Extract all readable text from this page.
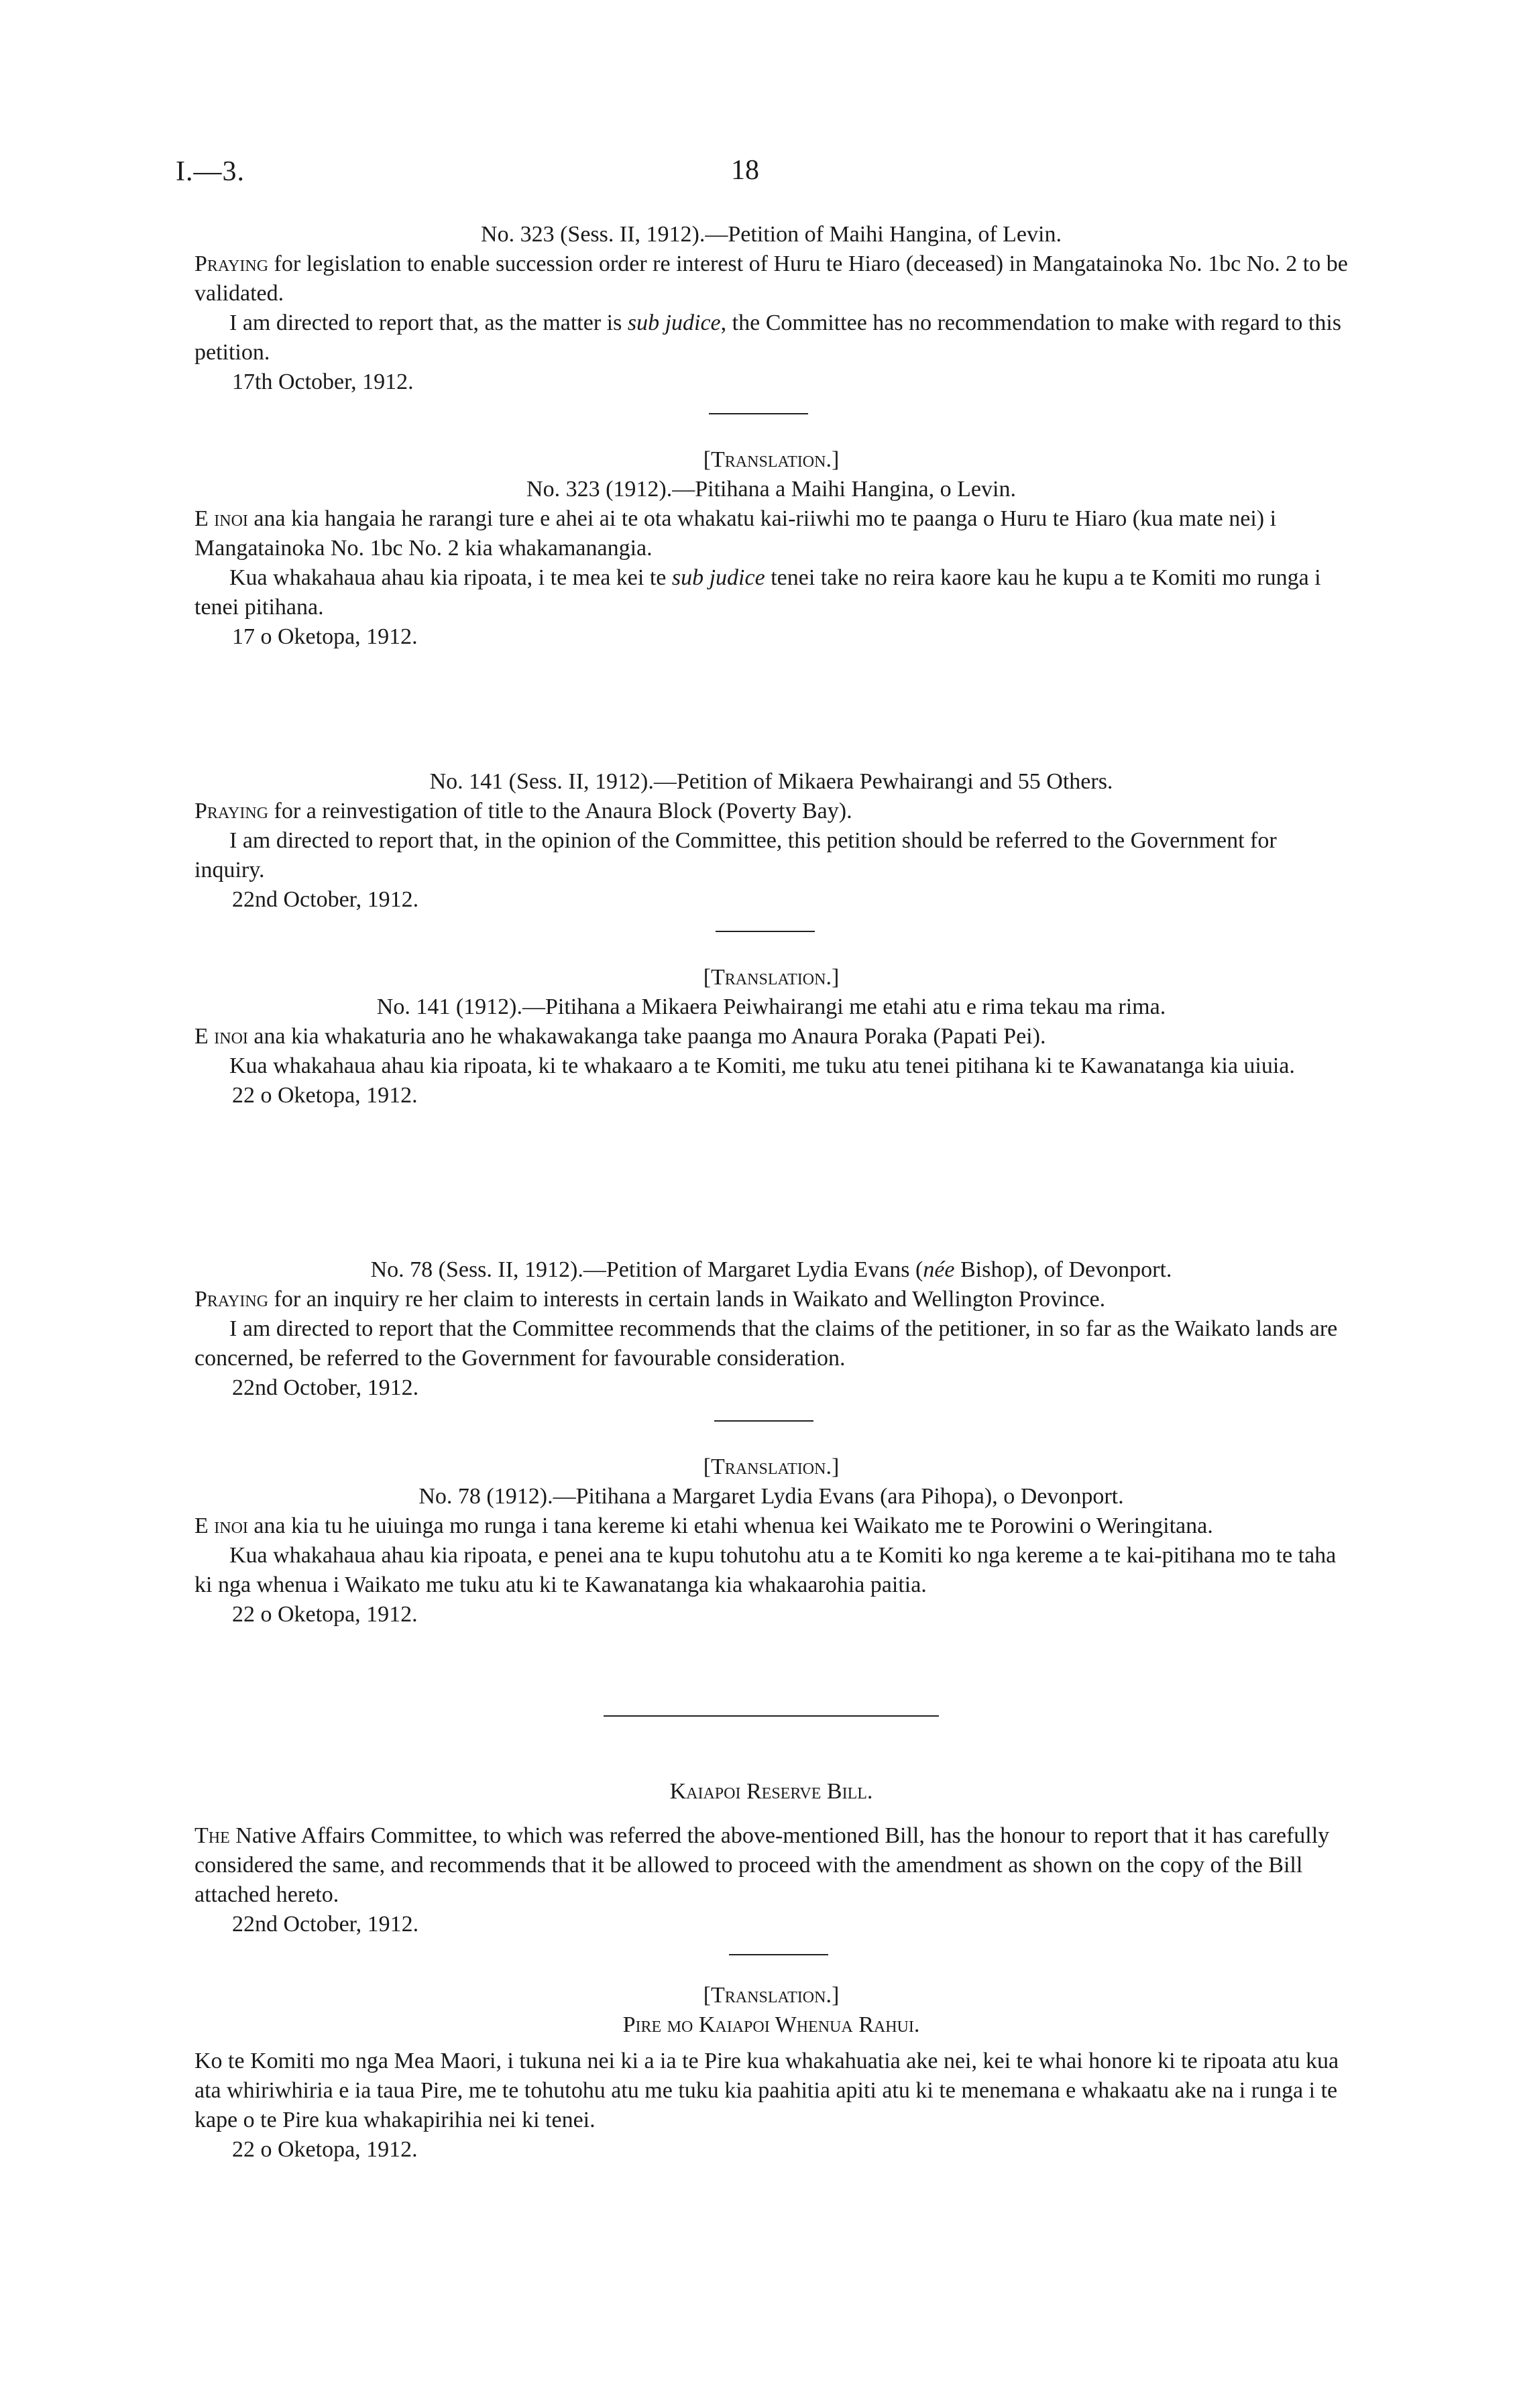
I.—3.	18

No. 323 (Sess. II, 1912).—Petition of Maihi Hangina, of Levin.

Praying for legislation to enable succession order re interest of Huru te Hiaro (deceased) in Mangatainoka No. 1bc No. 2 to be validated.

I am directed to report that, as the matter is sub judice, the Committee has no recommendation to make with regard to this petition.

17th October, 1912.

[Translation.]

No. 323 (1912).—Pitihana a Maihi Hangina, o Levin.

E inoi ana kia hangaia he rarangi ture e ahei ai te ota whakatu kai-riiwhi mo te paanga o Huru te Hiaro (kua mate nei) i Mangatainoka No. 1bc No. 2 kia whakamanangia.

Kua whakahaua ahau kia ripoata, i te mea kei te sub judice tenei take no reira kaore kau he kupu a te Komiti mo runga i tenei pitihana.

17 o Oketopa, 1912.

No. 141 (Sess. II, 1912).—Petition of Mikaera Pewhairangi and 55 Others.

Praying for a reinvestigation of title to the Anaura Block (Poverty Bay).

I am directed to report that, in the opinion of the Committee, this petition should be referred to the Government for inquiry.

22nd October, 1912.

[Translation.]

No. 141 (1912).—Pitihana a Mikaera Peiwhairangi me etahi atu e rima tekau ma rima.

E inoi ana kia whakaturia ano he whakawakanga take paanga mo Anaura Poraka (Papati Pei).

Kua whakahaua ahau kia ripoata, ki te whakaaro a te Komiti, me tuku atu tenei pitihana ki te Kawanatanga kia uiuia.

22 o Oketopa, 1912.

No. 78 (Sess. II, 1912).—Petition of Margaret Lydia Evans (née Bishop), of Devonport.

Praying for an inquiry re her claim to interests in certain lands in Waikato and Wellington Province.

I am directed to report that the Committee recommends that the claims of the petitioner, in so far as the Waikato lands are concerned, be referred to the Government for favourable consideration.

22nd October, 1912.

[Translation.]

No. 78 (1912).—Pitihana a Margaret Lydia Evans (ara Pihopa), o Devonport.

E inoi ana kia tu he uiuinga mo runga i tana kereme ki etahi whenua kei Waikato me te Porowini o Weringitana.

Kua whakahaua ahau kia ripoata, e penei ana te kupu tohutohu atu a te Komiti ko nga kereme a te kai-pitihana mo te taha ki nga whenua i Waikato me tuku atu ki te Kawanatanga kia whakaarohia paitia.

22 o Oketopa, 1912.

Kaiapoi Reserve Bill.

The Native Affairs Committee, to which was referred the above-mentioned Bill, has the honour to report that it has carefully considered the same, and recommends that it be allowed to proceed with the amendment as shown on the copy of the Bill attached hereto.

22nd October, 1912.

[Translation.]

Pire mo Kaiapoi Whenua Rahui.

Ko te Komiti mo nga Mea Maori, i tukuna nei ki a ia te Pire kua whakahuatia ake nei, kei te whai honore ki te ripoata atu kua ata whiriwhiria e ia taua Pire, me te tohutohu atu me tuku kia paahitia apiti atu ki te menemana e whakaatu ake na i runga i te kape o te Pire kua whakapirihia nei ki tenei.

22 o Oketopa, 1912.
